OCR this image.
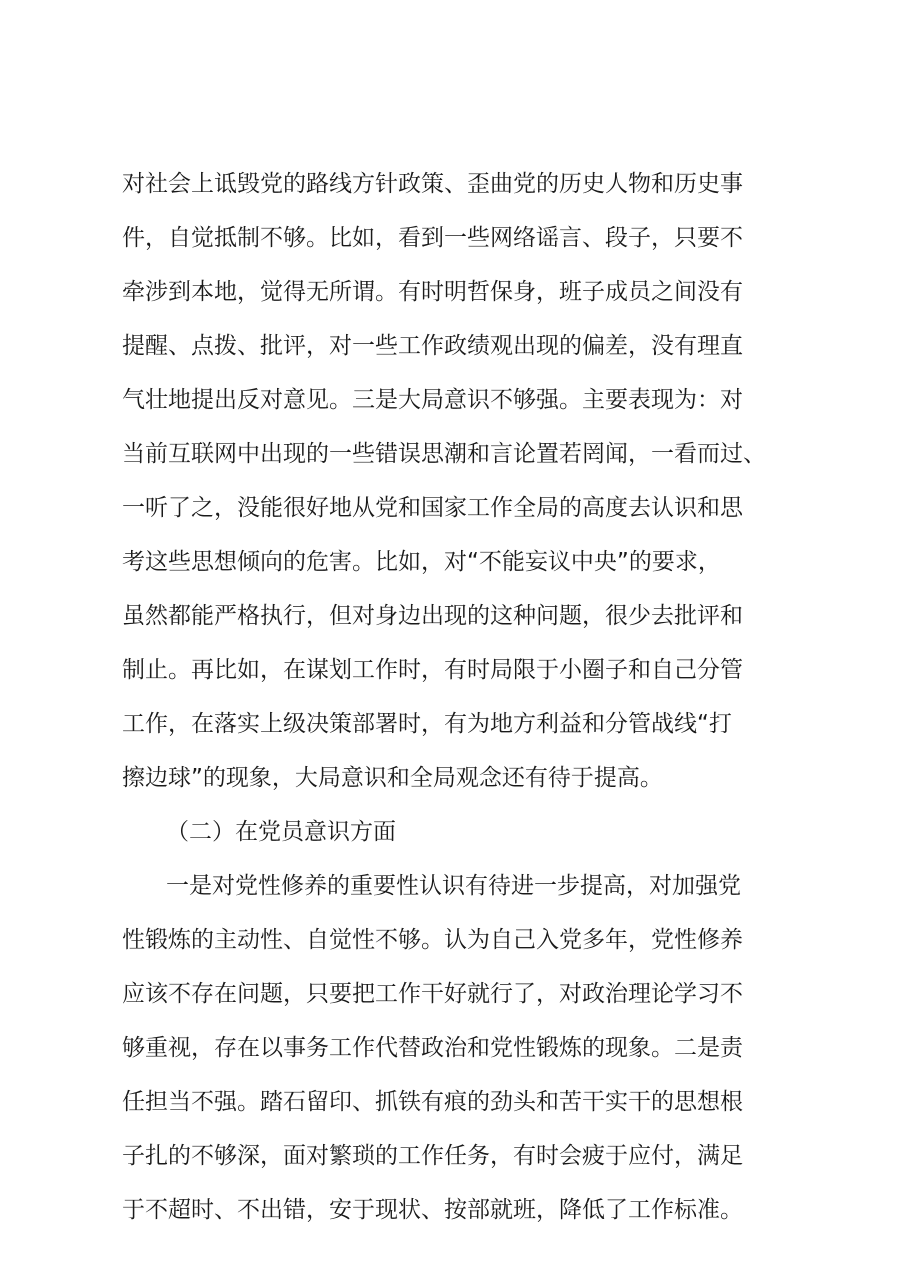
对社会上诋毁党的路线方针政策、歪曲党的历史人物和历史事
件，自觉抵制不够。比如，看到一些网络谣言、段子，只要不
牵涉到本地，觉得无所谓。有时明哲保身，班子成员之间没有
提醒、点拨、批评，对一些工作政绩观出现的偏差，没有理直
气壮地提出反对意见。三是大局意识不够强。主要表现为：对
当前互联网中出现的一些错误思潮和言论置若罔闻，一看而过、
一听了之，没能很好地从党和国家工作全局的高度去认识和思
考这些思想倾向的危害。比如，对“不能妄议中央”的要求，
虽然都能严格执行，但对身边出现的这种问题，很少去批评和
制止。再比如，在谋划工作时，有时局限于小圈子和自己分管
工作，在落实上级决策部署时，有为地方利益和分管战线“打
擦边球”的现象，大局意识和全局观念还有待于提高。
（二）在党员意识方面
一是对党性修养的重要性认识有待进一步提高，对加强党
性锻炼的主动性、自觉性不够。认为自己入党多年，党性修养
应该不存在问题，只要把工作干好就行了，对政治理论学习不
够重视，存在以事务工作代替政治和党性锻炼的现象。二是责
任担当不强。踏石留印、抓铁有痕的劲头和苦干实干的思想根
子扎的不够深，面对繁琐的工作任务，有时会疲于应付，满足
于不超时、不出错，安于现状、按部就班，降低了工作标准。
